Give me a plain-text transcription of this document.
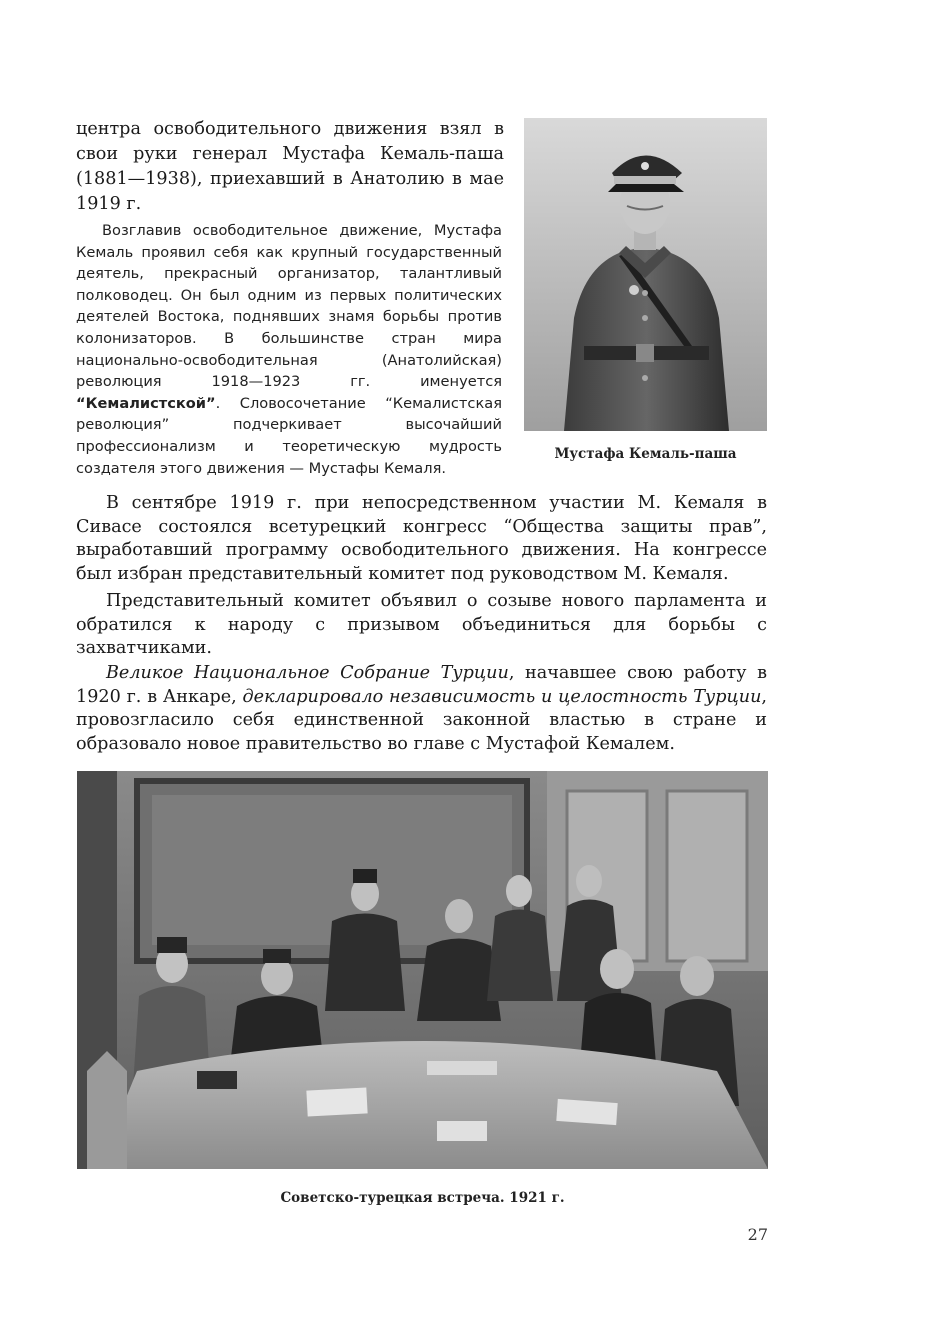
центра освободительного движения взял в свои руки генерал Мустафа Кемаль-паша (1881—1938), приехавший в Анатолию в мае 1919 г.

Возглавив освободительное движение, Мустафа Кемаль проявил себя как крупный государственный деятель, прекрасный организатор, талантливый полководец. Он был одним из первых политических деятелей Востока, поднявших знамя борьбы против колонизаторов. В большинстве стран мира национально-освободительная (Анатолийская) революция 1918—1923 гг. именуется “Кемалистской”. Словосочетание “Кемалистская революция” подчеркивает высочайший профессионализм и теоретическую мудрость создателя этого движения — Мустафы Кемаля.

Мустафа Кемаль-паша

В сентябре 1919 г. при непосредственном участии М. Кемаля в Сивасе состоялся всетурецкий конгресс “Общества защиты прав”, выработавший программу освободительного движения. На конгрессе был избран представительный комитет под руководством М. Кемаля.

Представительный комитет объявил о созыве нового парламента и обратился к народу с призывом объединиться для борьбы с захватчиками.

Великое Национальное Собрание Турции, начавшее свою работу в 1920 г. в Анкаре, декларировало независимость и целостность Турции, провозгласило себя единственной законной властью в стране и образовало новое правительство во главе с Мустафой Кемалем.

Советско-турецкая встреча. 1921 г.

27
